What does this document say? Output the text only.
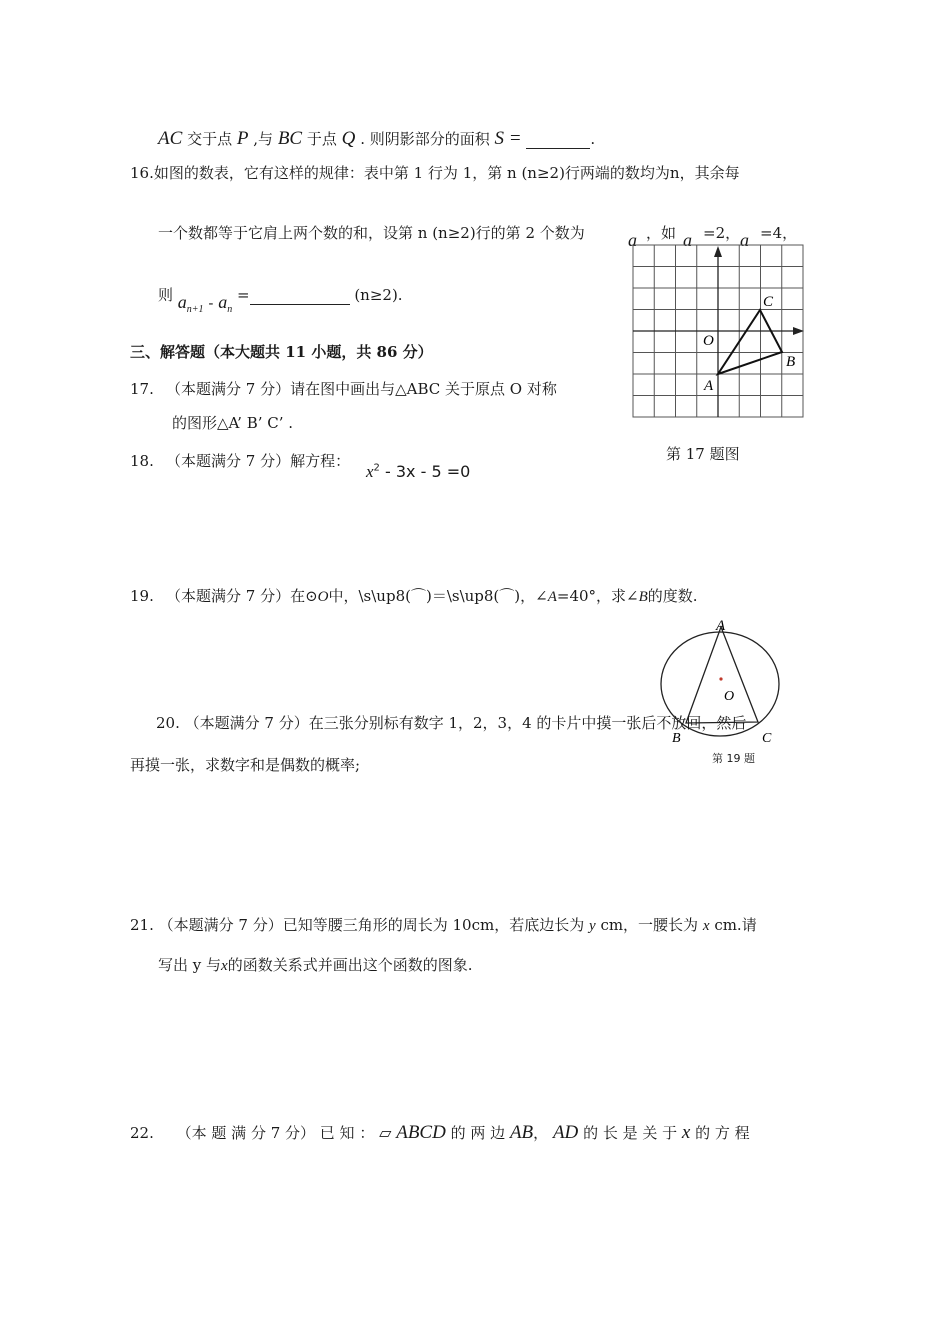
AC 交于点 P ,与 BC 于点 Q . 则阴影部分的面积 S =	.
16.如图的数表，它有这样的规律：表中第 1 行为 1，第 n (n≥2)行两端的数均为n，其余每
一个数都等于它肩上两个数的和，设第 n (n≥2)行的第 2 个数为 a ，如 a =2， a =4，
则 $a_{n+1} - a_n$ =	(n≥2).
三、解答题（本大题共 11 小题，共 86 分）
17. （本题满分 7 分）请在图中画出与△ABC 关于原点 O 对称
的图形△A’ B’ C’ .
O
A
B
C
第 17 题图
18. （本题满分 7 分）解方程：
$x^2 - 3x - 5 =0$
19. （本题满分 7 分）在⊙O中，\s\up8(⌒)＝\s\up8(⌒)，∠A=40°，求∠B的度数.
A
O
B	C
第 19 题
20. （本题满分 7 分）在三张分别标有数字 1，2，3，4 的卡片中摸一张后不放回，然后
再摸一张，求数字和是偶数的概率;
21. （本题满分 7 分）已知等腰三角形的周长为 10cm，若底边长为 y cm，一腰长为 x cm.请
写出 y 与x的函数关系式并画出这个函数的图象.
22. （本 题 满 分 7 分） 已 知 ： ▱ ABCD 的 两 边 AB， AD 的 长 是 关 于 x 的 方 程
